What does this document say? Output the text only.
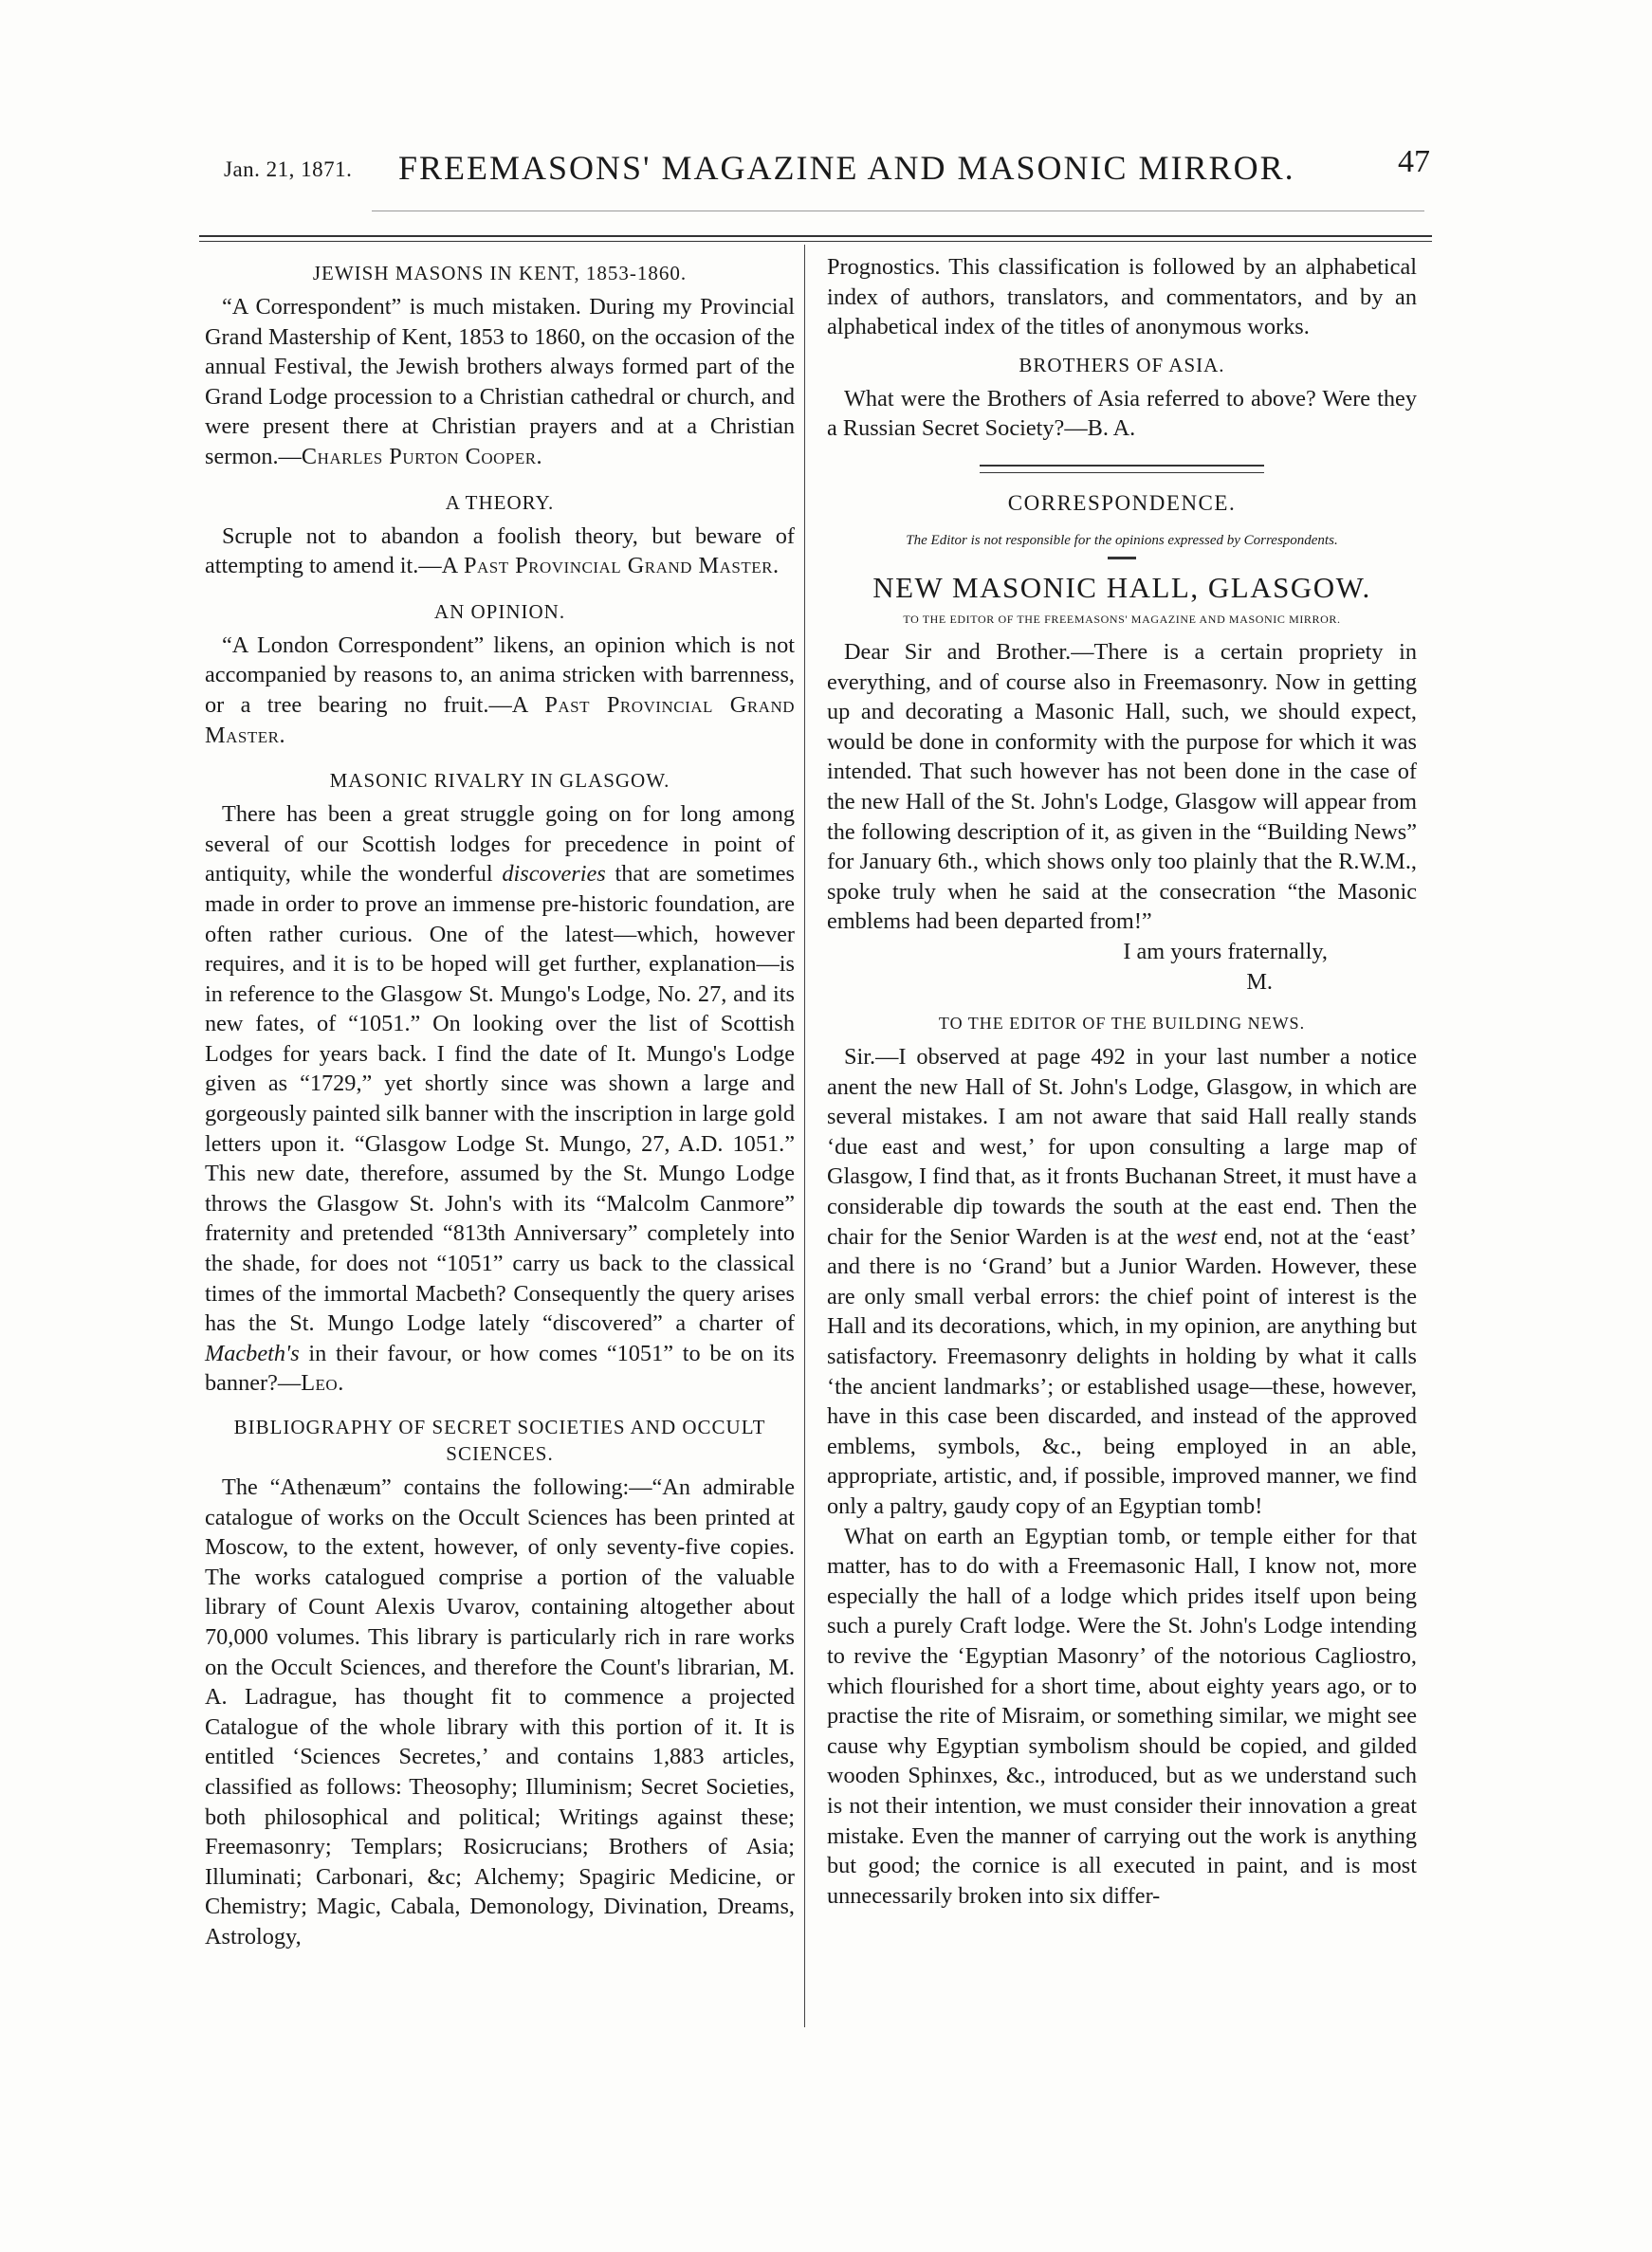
Jan. 21, 1871. FREEMASONS' MAGAZINE AND MASONIC MIRROR.	47
JEWISH MASONS IN KENT, 1853-1860.

“A Correspondent” is much mistaken. During my Provincial Grand Mastership of Kent, 1853 to 1860, on the occasion of the annual Festival, the Jewish brothers always formed part of the Grand Lodge procession to a Christian cathedral or church, and were present there at Christian prayers and at a Christian sermon.—Charles Purton Cooper.

A THEORY.

Scruple not to abandon a foolish theory, but beware of attempting to amend it.—A Past Provincial Grand Master.

AN OPINION.

“A London Correspondent” likens, an opinion which is not accompanied by reasons to, an anima stricken with barrenness, or a tree bearing no fruit.—A Past Provincial Grand Master.

MASONIC RIVALRY IN GLASGOW.

There has been a great struggle going on for long among several of our Scottish lodges for precedence in point of antiquity, while the wonderful discoveries that are sometimes made in order to prove an immense pre-historic foundation, are often rather curious. One of the latest—which, however requires, and it is to be hoped will get further, explanation—is in reference to the Glasgow St. Mungo's Lodge, No. 27, and its new fates, of “1051.” On looking over the list of Scottish Lodges for years back. I find the date of It. Mungo's Lodge given as “1729,” yet shortly since was shown a large and gorgeously painted silk banner with the inscription in large gold letters upon it. “Glasgow Lodge St. Mungo, 27, A.D. 1051.” This new date, therefore, assumed by the St. Mungo Lodge throws the Glasgow St. John's with its “Malcolm Canmore” fraternity and pretended “813th Anniversary” completely into the shade, for does not “1051” carry us back to the classical times of the immortal Macbeth? Consequently the query arises has the St. Mungo Lodge lately “discovered” a charter of Macbeth's in their favour, or how comes “1051” to be on its banner?—Leo.

BIBLIOGRAPHY OF SECRET SOCIETIES AND OCCULT SCIENCES.

The “Athenæum” contains the following:—“An admirable catalogue of works on the Occult Sciences has been printed at Moscow, to the extent, however, of only seventy-five copies. The works catalogued comprise a portion of the valuable library of Count Alexis Uvarov, containing altogether about 70,000 volumes. This library is particularly rich in rare works on the Occult Sciences, and therefore the Count's librarian, M. A. Ladrague, has thought fit to commence a projected Catalogue of the whole library with this portion of it. It is entitled ‘Sciences Secretes,’ and contains 1,883 articles, classified as follows: Theosophy; Illuminism; Secret Societies, both philosophical and political; Writings against these; Freemasonry; Templars; Rosicrucians; Brothers of Asia; Illuminati; Carbonari, &c; Alchemy; Spagiric Medicine, or Chemistry; Magic, Cabala, Demonology, Divination, Dreams, Astrology,

Prognostics. This classification is followed by an alphabetical index of authors, translators, and commentators, and by an alphabetical index of the titles of anonymous works.

BROTHERS OF ASIA.

What were the Brothers of Asia referred to above? Were they a Russian Secret Society?—B. A.

CORRESPONDENCE.
The Editor is not responsible for the opinions expressed by Correspondents.
NEW MASONIC HALL, GLASGOW.
TO THE EDITOR OF THE FREEMASONS' MAGAZINE AND MASONIC MIRROR.

Dear Sir and Brother.—There is a certain propriety in everything, and of course also in Freemasonry. Now in getting up and decorating a Masonic Hall, such, we should expect, would be done in conformity with the purpose for which it was intended. That such however has not been done in the case of the new Hall of the St. John's Lodge, Glasgow will appear from the following description of it, as given in the “Building News” for January 6th., which shows only too plainly that the R.W.M., spoke truly when he said at the consecration “the Masonic emblems had been departed from!”

I am yours fraternally,

M.

TO THE EDITOR OF THE BUILDING NEWS.

Sir.—I observed at page 492 in your last number a notice anent the new Hall of St. John's Lodge, Glasgow, in which are several mistakes. I am not aware that said Hall really stands ‘due east and west,’ for upon consulting a large map of Glasgow, I find that, as it fronts Buchanan Street, it must have a considerable dip towards the south at the east end. Then the chair for the Senior Warden is at the west end, not at the ‘east’ and there is no ‘Grand’ but a Junior Warden. However, these are only small verbal errors: the chief point of interest is the Hall and its decorations, which, in my opinion, are anything but satisfactory. Freemasonry delights in holding by what it calls ‘the ancient landmarks’; or established usage—these, however, have in this case been discarded, and instead of the approved emblems, symbols, &c., being employed in an able, appropriate, artistic, and, if possible, improved manner, we find only a paltry, gaudy copy of an Egyptian tomb!

What on earth an Egyptian tomb, or temple either for that matter, has to do with a Freemasonic Hall, I know not, more especially the hall of a lodge which prides itself upon being such a purely Craft lodge. Were the St. John's Lodge intending to revive the ‘Egyptian Masonry’ of the notorious Cagliostro, which flourished for a short time, about eighty years ago, or to practise the rite of Misraim, or something similar, we might see cause why Egyptian symbolism should be copied, and gilded wooden Sphinxes, &c., introduced, but as we understand such is not their intention, we must consider their innovation a great mistake. Even the manner of carrying out the work is anything but good; the cornice is all executed in paint, and is most unnecessarily broken into six differ-
